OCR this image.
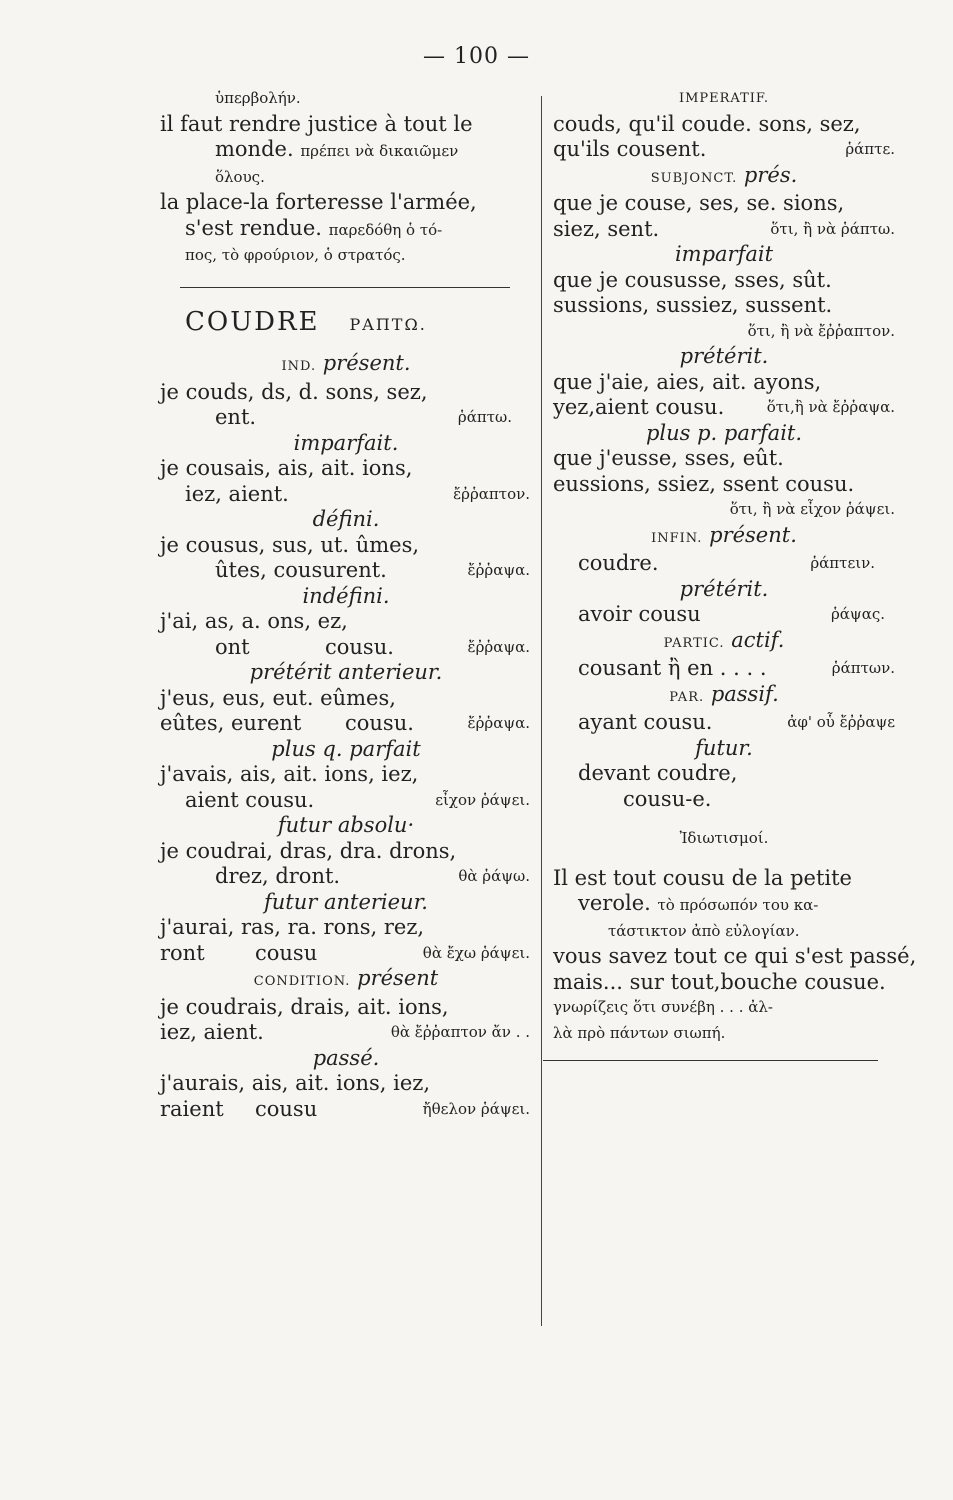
— 100 —
ὑπερβολήν.
il faut rendre justice à tout le
monde. πρέπει νὰ δικαιῶμεν
ὅλους.
la place-la forteresse l'armée,
s'est rendue. παρεδόθη ὁ τό-
πος, τὸ φρούριον, ὁ στρατός.
COUDRE ΡΑΠΤΩ.
IND. présent.
je couds, ds, d. sons, sez,
ent.	ῥάπτω.
imparfait.
je cousais, ais, ait. ions,
iez, aient.	ἔῤῥαπτον.
défini.
je cousus, sus, ut. ûmes,
ûtes, cousurent.	ἔῤῥαψα.
indéfini.
j'ai, as, a. ons, ez,
ont	cousu.	ἔῤῥαψα.
prétérit anterieur.
j'eus, eus, eut. eûmes,
eûtes, eurent cousu.	ἔῤῥαψα.
plus q. parfait
j'avais, ais, ait. ions, iez,
aient cousu.	εἶχον ῥάψει.
futur absolu·
je coudrai, dras, dra. drons,
drez, dront.	θὰ ῥάψω.
futur anterieur.
j'aurai, ras, ra. rons, rez,
ront cousu	θὰ ἔχω ῥάψει.
CONDITION. présent
je coudrais, drais, ait. ions,
iez, aient.	θὰ ἔῤῥαπτον ἄν . .
passé.
j'aurais, ais, ait. ions, iez,
raient cousu	ἤθελον ῥάψει.
IMPERATIF.
couds, qu'il coude. sons, sez,
qu'ils cousent.	ῥάπτε.
SUBJONCT. prés.
que je couse, ses, se. sions,
siez, sent.	ὅτι, ἢ νὰ ῥάπτω.
imparfait
que je coususse, sses, sût.
sussions, sussiez, sussent.
ὅτι, ἢ νὰ ἔῤῥαπτον.
prétérit.
que j'aie, aies, ait. ayons,
yez,aient cousu.	ὅτι,ἢ νὰ ἔῤῥαψα.
plus p. parfait.
que j'eusse, sses, eût.
eussions, ssiez, ssent cousu.
ὅτι, ἢ νὰ εἶχον ῥάψει.
INFIN. présent.
coudre.	ῥάπτειν.
prétérit.
avoir cousu	ῥάψας.
PARTIC. actif.
cousant ἢ en . . . .	ῥάπτων.
PAR. passif.
ayant cousu.	ἀφ' οὗ ἔῤῥαψε
futur.
devant coudre,
cousu-e.
Ἰδιωτισμοί.
Il est tout cousu de la petite
verole. τὸ πρόσωπόν του κα-
τάστικτον ἀπὸ εὐλογίαν.
vous savez tout ce qui s'est passé,
mais... sur tout,bouche cousue.
γνωρίζεις ὅτι συνέβη . . . ἀλ-
λὰ πρὸ πάντων σιωπή.
